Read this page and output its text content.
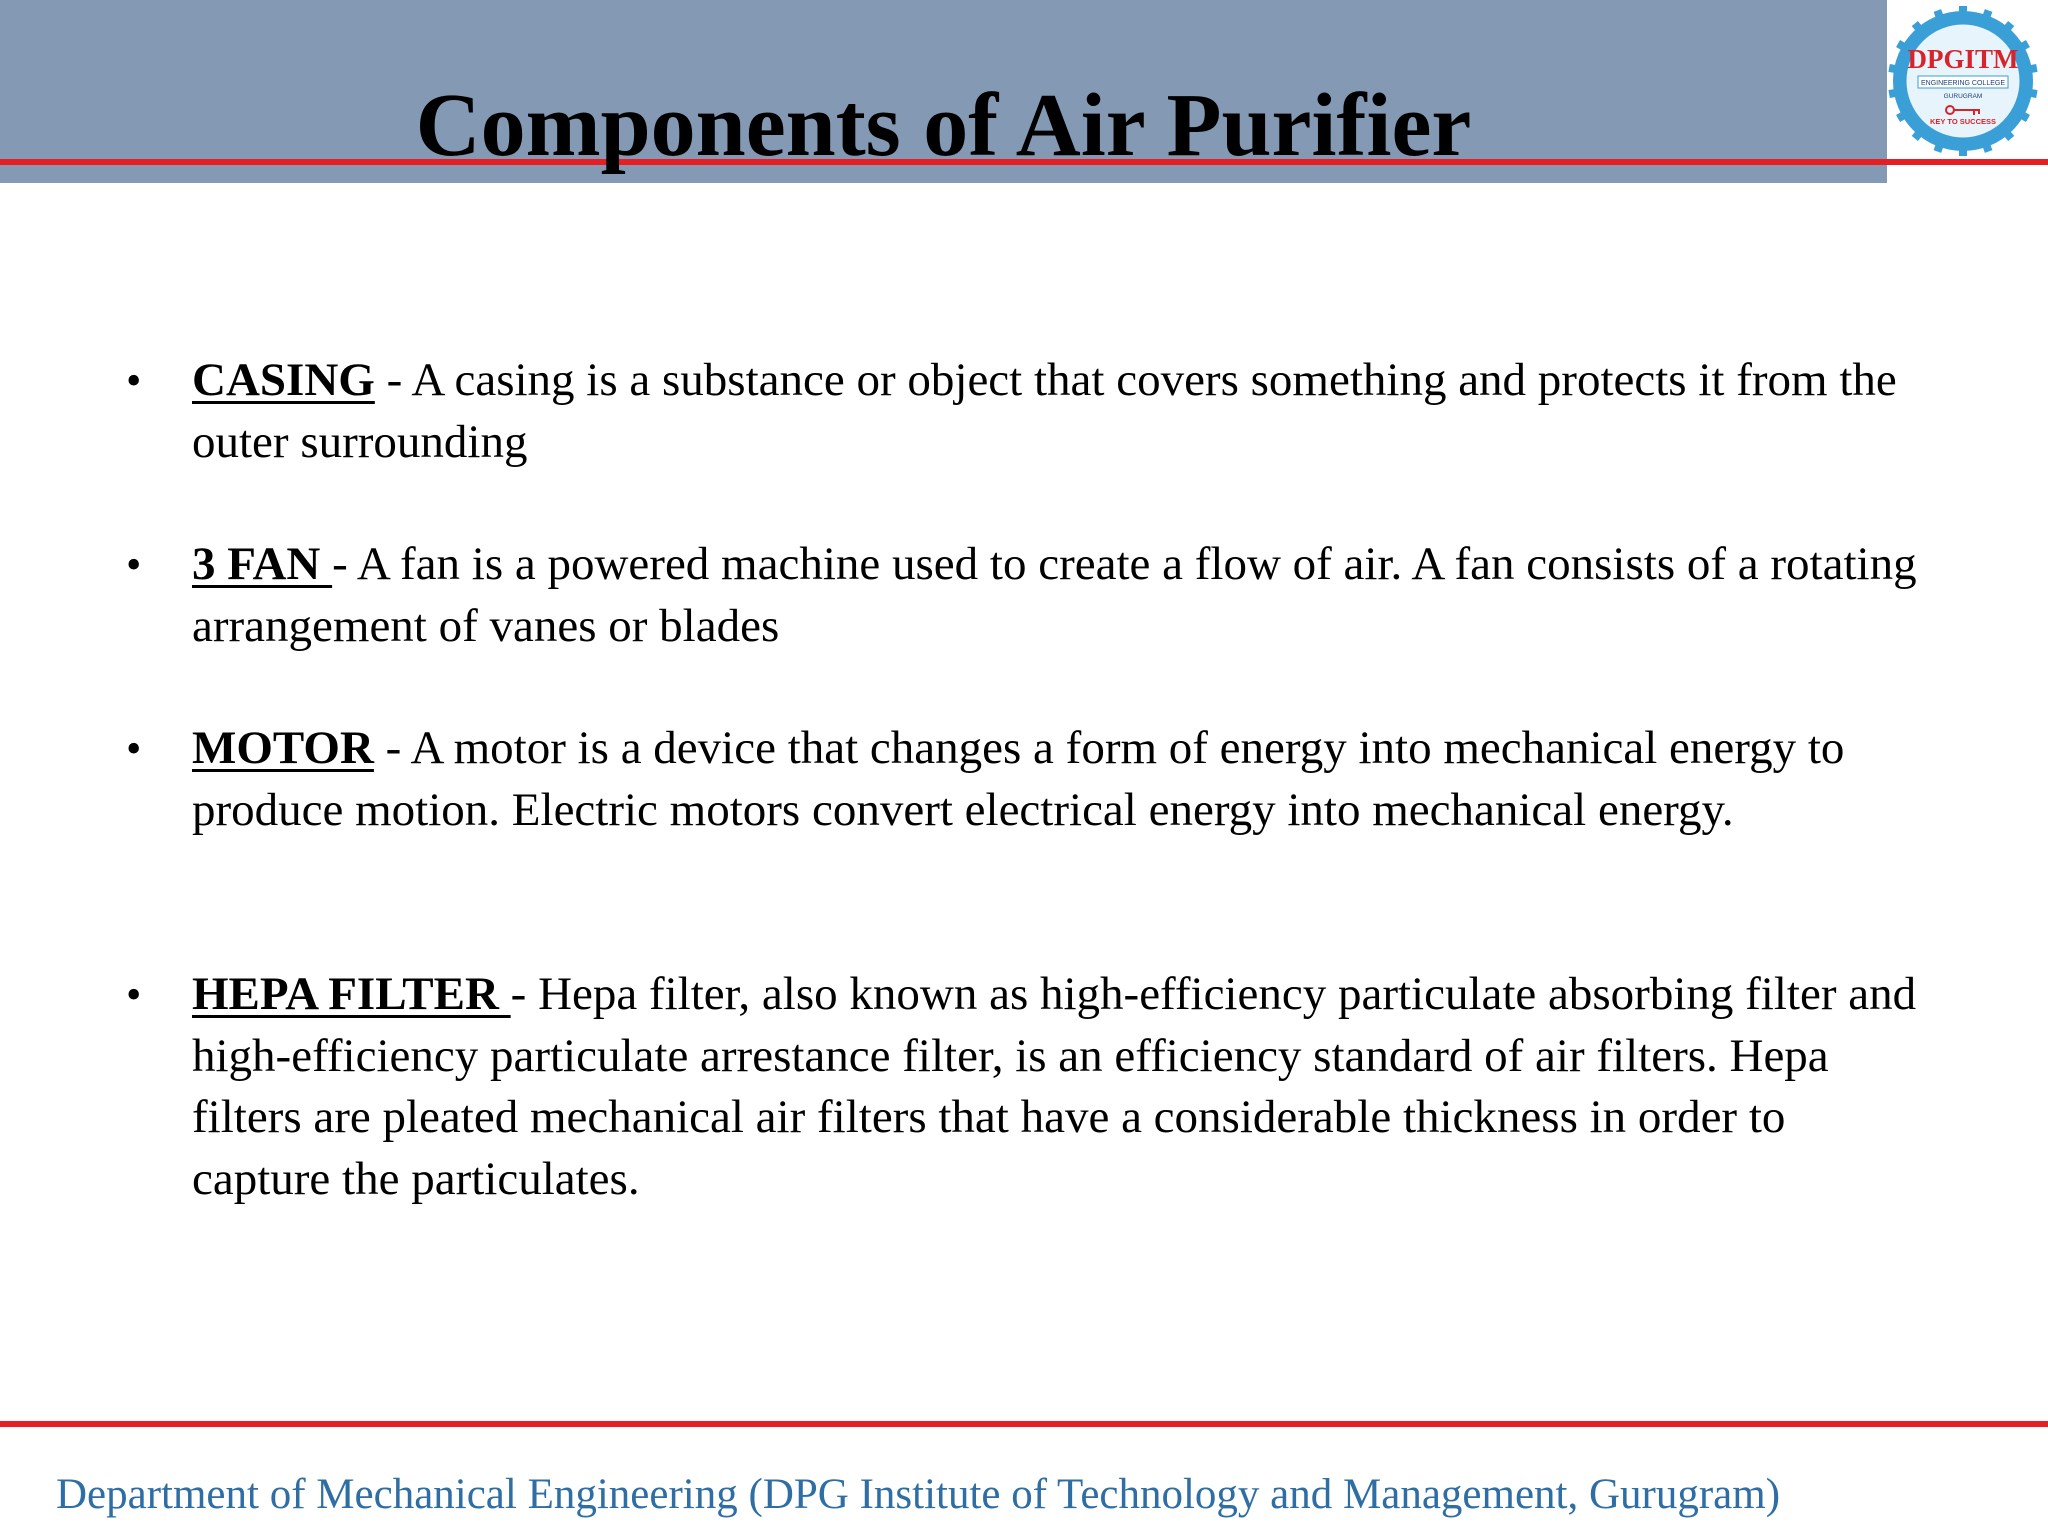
Components of Air Purifier
DPGITM
ENGINEERING COLLEGE
GURUGRAM
KEY TO SUCCESS
• CASING - A casing is a substance or object that covers something and protects it from the outer surrounding

• 3 FAN - A fan is a powered machine used to create a flow of air. A fan consists of a rotating arrangement of vanes or blades

• MOTOR - A motor is a device that changes a form of energy into mechanical energy to produce motion. Electric motors convert electrical energy into mechanical energy.

• HEPA FILTER - Hepa filter, also known as high-efficiency particulate absorbing filter and high-efficiency particulate arrestance filter, is an efficiency standard of air filters. Hepa filters are pleated mechanical air filters that have a considerable thickness in order to capture the particulates.

Department of Mechanical Engineering (DPG Institute of Technology and Management, Gurugram)
